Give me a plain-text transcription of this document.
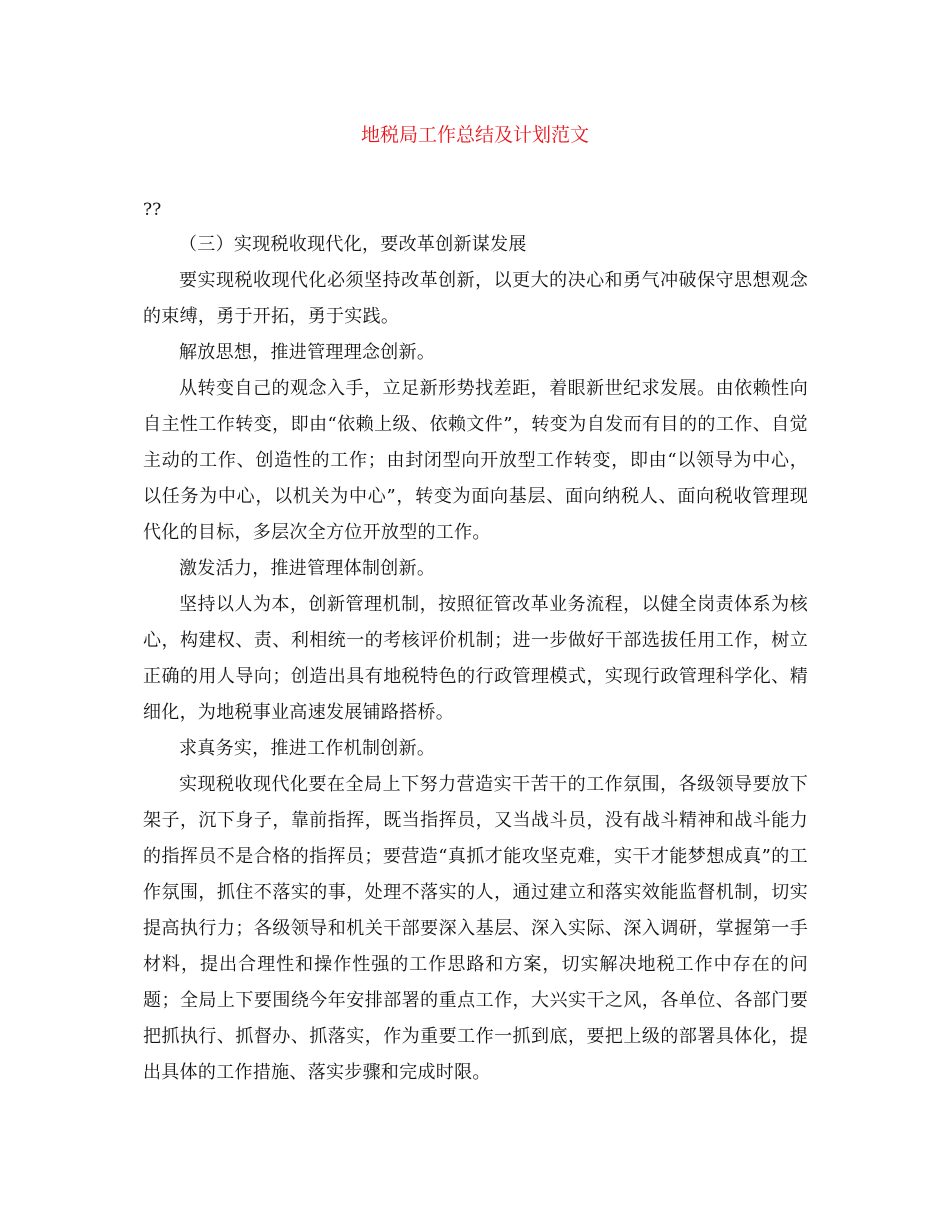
地税局工作总结及计划范文

??

（三）实现税收现代化，要改革创新谋发展

要实现税收现代化必须坚持改革创新，以更大的决心和勇气冲破保守思想观念的束缚，勇于开拓，勇于实践。

解放思想，推进管理理念创新。

从转变自己的观念入手，立足新形势找差距，着眼新世纪求发展。由依赖性向自主性工作转变，即由“依赖上级、依赖文件”，转变为自发而有目的的工作、自觉主动的工作、创造性的工作；由封闭型向开放型工作转变，即由“以领导为中心，以任务为中心，以机关为中心”，转变为面向基层、面向纳税人、面向税收管理现代化的目标，多层次全方位开放型的工作。

激发活力，推进管理体制创新。

坚持以人为本，创新管理机制，按照征管改革业务流程，以健全岗责体系为核心，构建权、责、利相统一的考核评价机制；进一步做好干部选拔任用工作，树立正确的用人导向；创造出具有地税特色的行政管理模式，实现行政管理科学化、精细化，为地税事业高速发展铺路搭桥。

求真务实，推进工作机制创新。

实现税收现代化要在全局上下努力营造实干苦干的工作氛围，各级领导要放下架子，沉下身子，靠前指挥，既当指挥员，又当战斗员，没有战斗精神和战斗能力的指挥员不是合格的指挥员；要营造“真抓才能攻坚克难，实干才能梦想成真”的工作氛围，抓住不落实的事，处理不落实的人，通过建立和落实效能监督机制，切实提高执行力；各级领导和机关干部要深入基层、深入实际、深入调研，掌握第一手材料，提出合理性和操作性强的工作思路和方案，切实解决地税工作中存在的问题；全局上下要围绕今年安排部署的重点工作，大兴实干之风，各单位、各部门要把抓执行、抓督办、抓落实，作为重要工作一抓到底，要把上级的部署具体化，提出具体的工作措施、落实步骤和完成时限。
